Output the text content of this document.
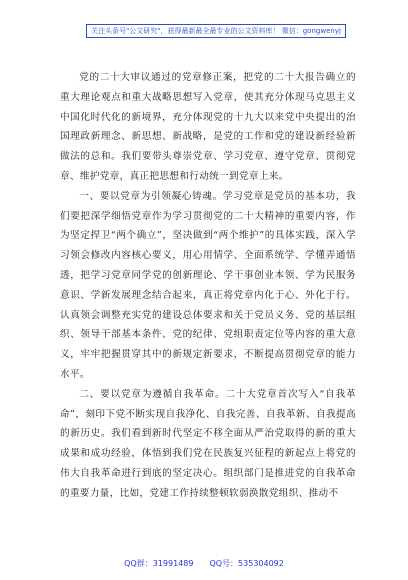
关注头条号"公文研究"，获得最新最全最专业的公文资料库！ 微信：gongwenyj

党的二十大审议通过的党章修正案，把党的二十大报告确立的重大理论观点和重大战略思想写入党章，使其充分体现马克思主义中国化时代化的新境界，充分体现党的十九大以来党中央提出的治国理政新理念、新思想、新战略，是党的工作和党的建设新经验新做法的总和。我们要带头尊崇党章、学习党章、遵守党章、贯彻党章、维护党章，真正把思想和行动统一到党章上来。

一、要以党章为引领凝心铸魂。学习党章是党员的基本功，我们要把深学细悟党章作为学习贯彻党的二十大精神的重要内容，作为坚定捍卫“两个确立”，坚决做到“两个维护”的具体实践，深入学习领会修改内容核心要义，用心用情学、全面系统学、学懂弄通悟透，把学习党章同学党的创新理论、学干事创业本领、学为民服务意识、学新发展理念结合起来，真正将党章内化于心、外化于行。认真领会调整充实党的建设总体要求和关于党员义务、党的基层组织、领导干部基本条件、党的纪律、党组职责定位等内容的重大意义，牢牢把握贯穿其中的新规定新要求，不断提高贯彻党章的能力水平。

二、要以党章为遵循自我革命。二十大党章首次写入“自我革命”，刻印下党不断实现自我净化、自我完善、自我革新、自我提高的新历史。我们看到新时代坚定不移全面从严治党取得的新的重大成果和成功经验，体悟到我们党在民族复兴征程的新起点上将党的伟大自我革命进行到底的坚定决心。组织部门是推进党的自我革命的重要力量，比如，党建工作持续整顿软弱涣散党组织、推动不

QQ群：31991489 QQ号：535304092
